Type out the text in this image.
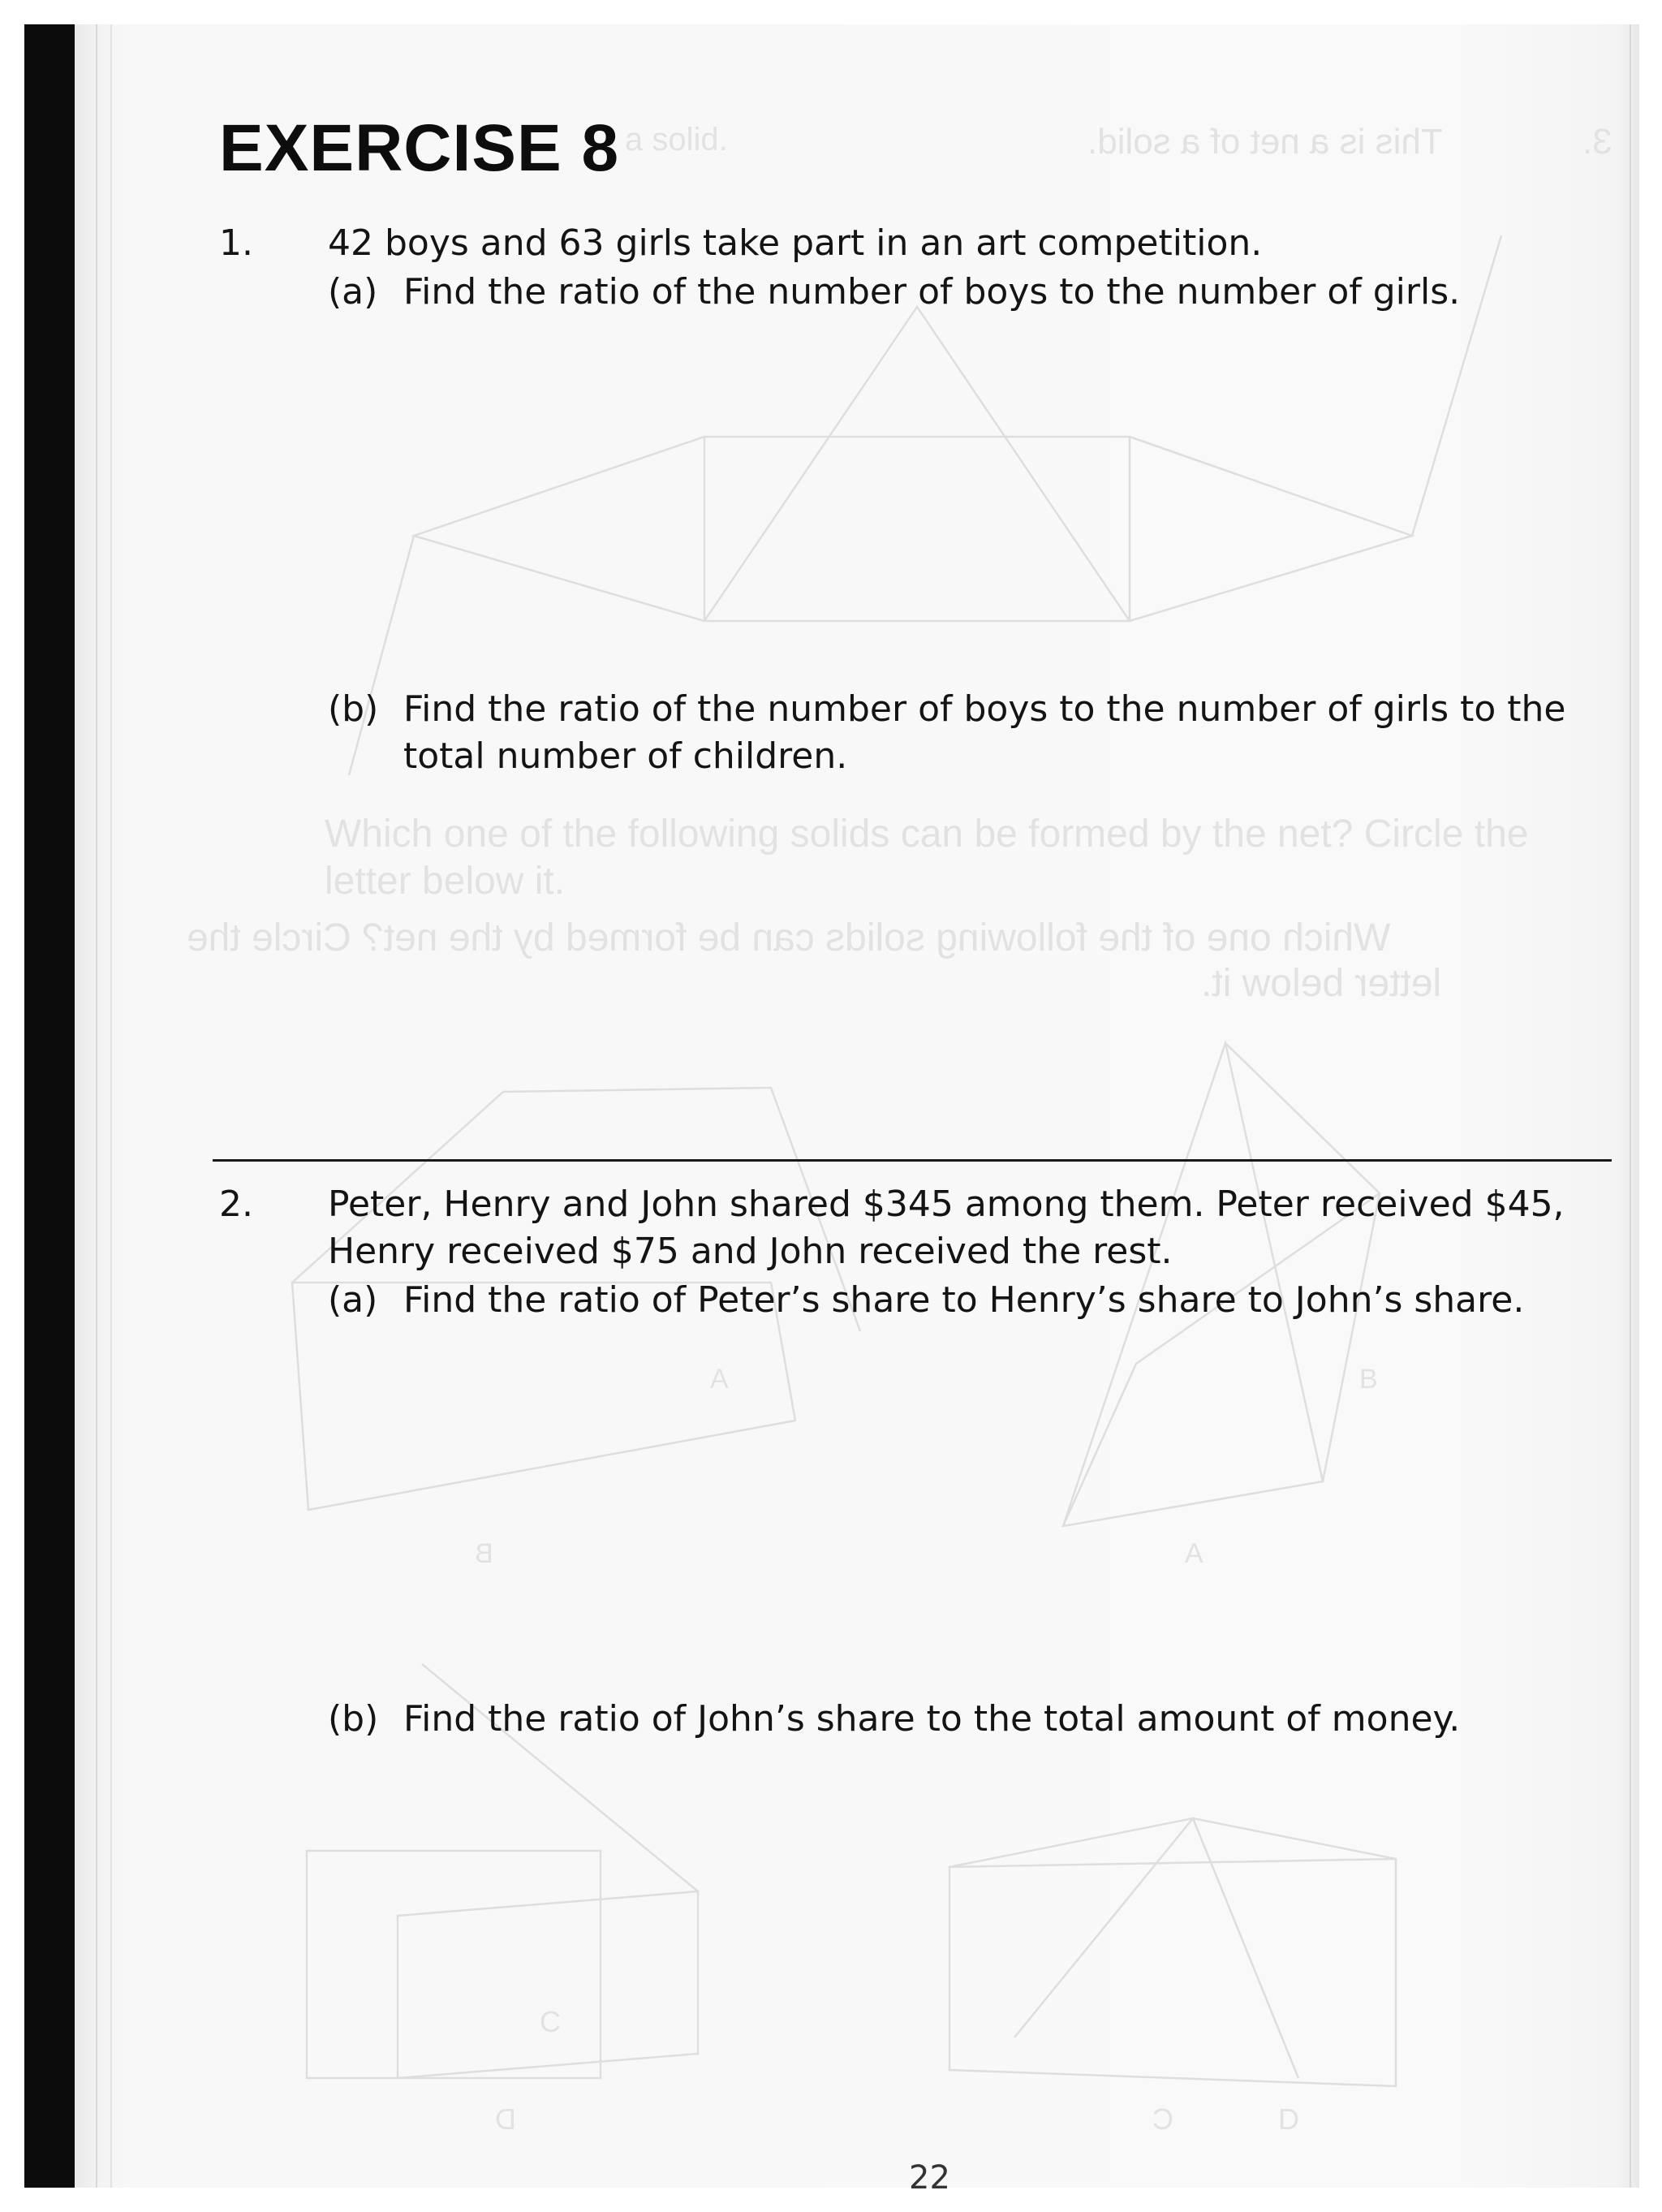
a solid.	This is a net of a solid.	3.
Which one of the following solids can be formed by the net? Circle the
letter below it.
Which one of the following solids can be formed by the net? Circle the
letter below it.
A	B
B	A
C
D	C	D
EXERCISE 8
1. 42 boys and 63 girls take part in an art competition.
(a) Find the ratio of the number of boys to the number of girls.
(b) Find the ratio of the number of boys to the number of girls to the
total number of children.
2. Peter, Henry and John shared $345 among them. Peter received $45,
Henry received $75 and John received the rest.
(a) Find the ratio of Peter’s share to Henry’s share to John’s share.
(b) Find the ratio of John’s share to the total amount of money.
22
